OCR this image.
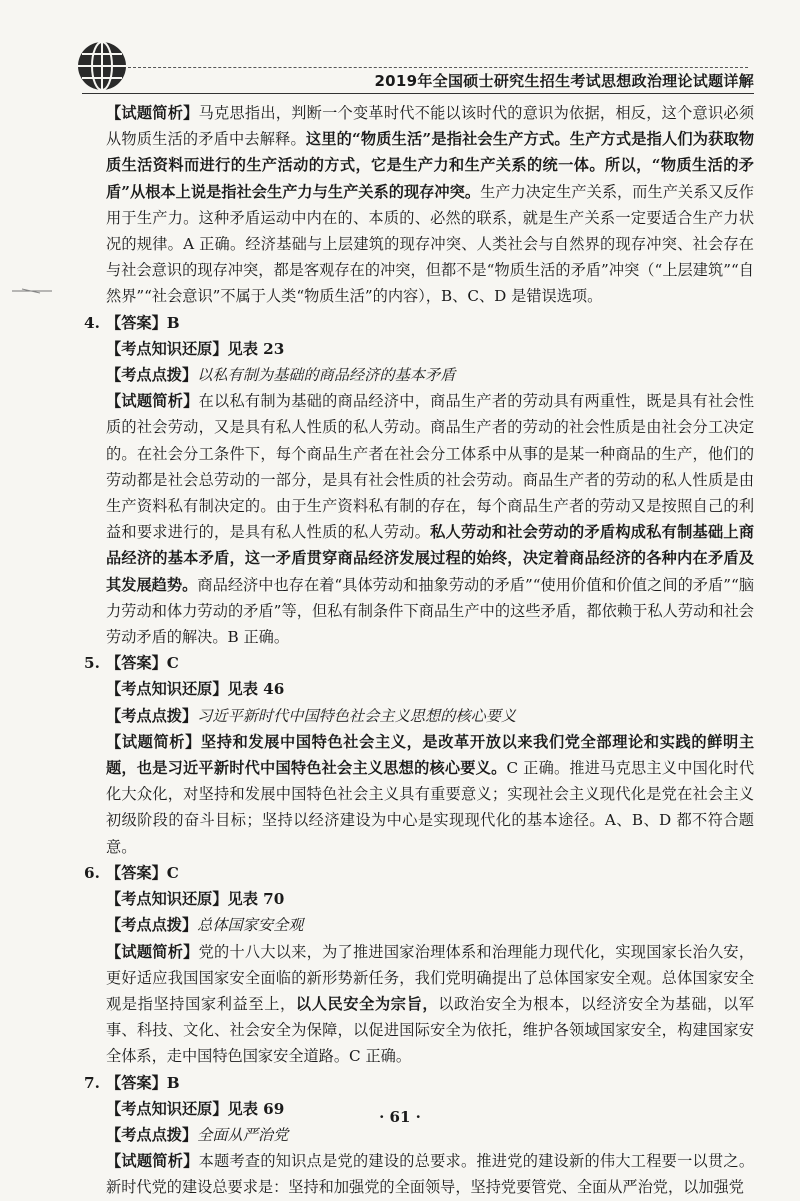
2019年全国硕士研究生招生考试思想政治理论试题详解

【试题简析】马克思指出，判断一个变革时代不能以该时代的意识为依据，相反，这个意识必须从物质生活的矛盾中去解释。这里的“物质生活”是指社会生产方式。生产方式是指人们为获取物质生活资料而进行的生产活动的方式，它是生产力和生产关系的统一体。所以，“物质生活的矛盾”从根本上说是指社会生产力与生产关系的现存冲突。生产力决定生产关系，而生产关系又反作用于生产力。这种矛盾运动中内在的、本质的、必然的联系，就是生产关系一定要适合生产力状况的规律。A 正确。经济基础与上层建筑的现存冲突、人类社会与自然界的现存冲突、社会存在与社会意识的现存冲突，都是客观存在的冲突，但都不是“物质生活的矛盾”冲突（“上层建筑”“自然界”“社会意识”不属于人类“物质生活”的内容），B、C、D 是错误选项。

4. 【答案】B

【考点知识还原】见表 23

【考点点拨】以私有制为基础的商品经济的基本矛盾

【试题简析】在以私有制为基础的商品经济中，商品生产者的劳动具有两重性，既是具有社会性质的社会劳动，又是具有私人性质的私人劳动。商品生产者的劳动的社会性质是由社会分工决定的。在社会分工条件下，每个商品生产者在社会分工体系中从事的是某一种商品的生产，他们的劳动都是社会总劳动的一部分，是具有社会性质的社会劳动。商品生产者的劳动的私人性质是由生产资料私有制决定的。由于生产资料私有制的存在，每个商品生产者的劳动又是按照自己的利益和要求进行的，是具有私人性质的私人劳动。私人劳动和社会劳动的矛盾构成私有制基础上商品经济的基本矛盾，这一矛盾贯穿商品经济发展过程的始终，决定着商品经济的各种内在矛盾及其发展趋势。商品经济中也存在着“具体劳动和抽象劳动的矛盾”“使用价值和价值之间的矛盾”“脑力劳动和体力劳动的矛盾”等，但私有制条件下商品生产中的这些矛盾，都依赖于私人劳动和社会劳动矛盾的解决。B 正确。

5. 【答案】C

【考点知识还原】见表 46

【考点点拨】习近平新时代中国特色社会主义思想的核心要义

【试题简析】坚持和发展中国特色社会主义，是改革开放以来我们党全部理论和实践的鲜明主题，也是习近平新时代中国特色社会主义思想的核心要义。C 正确。推进马克思主义中国化时代化大众化，对坚持和发展中国特色社会主义具有重要意义；实现社会主义现代化是党在社会主义初级阶段的奋斗目标；坚持以经济建设为中心是实现现代化的基本途径。A、B、D 都不符合题意。

6. 【答案】C

【考点知识还原】见表 70

【考点点拨】总体国家安全观

【试题简析】党的十八大以来，为了推进国家治理体系和治理能力现代化，实现国家长治久安，更好适应我国国家安全面临的新形势新任务，我们党明确提出了总体国家安全观。总体国家安全观是指坚持国家利益至上，以人民安全为宗旨，以政治安全为根本，以经济安全为基础，以军事、科技、文化、社会安全为保障，以促进国际安全为依托，维护各领域国家安全，构建国家安全体系，走中国特色国家安全道路。C 正确。

7. 【答案】B

【考点知识还原】见表 69

【考点点拨】全面从严治党

【试题简析】本题考查的知识点是党的建设的总要求。推进党的建设新的伟大工程要一以贯之。新时代党的建设总要求是：坚持和加强党的全面领导，坚持党要管党、全面从严治党，以加强党

· 61 ·
